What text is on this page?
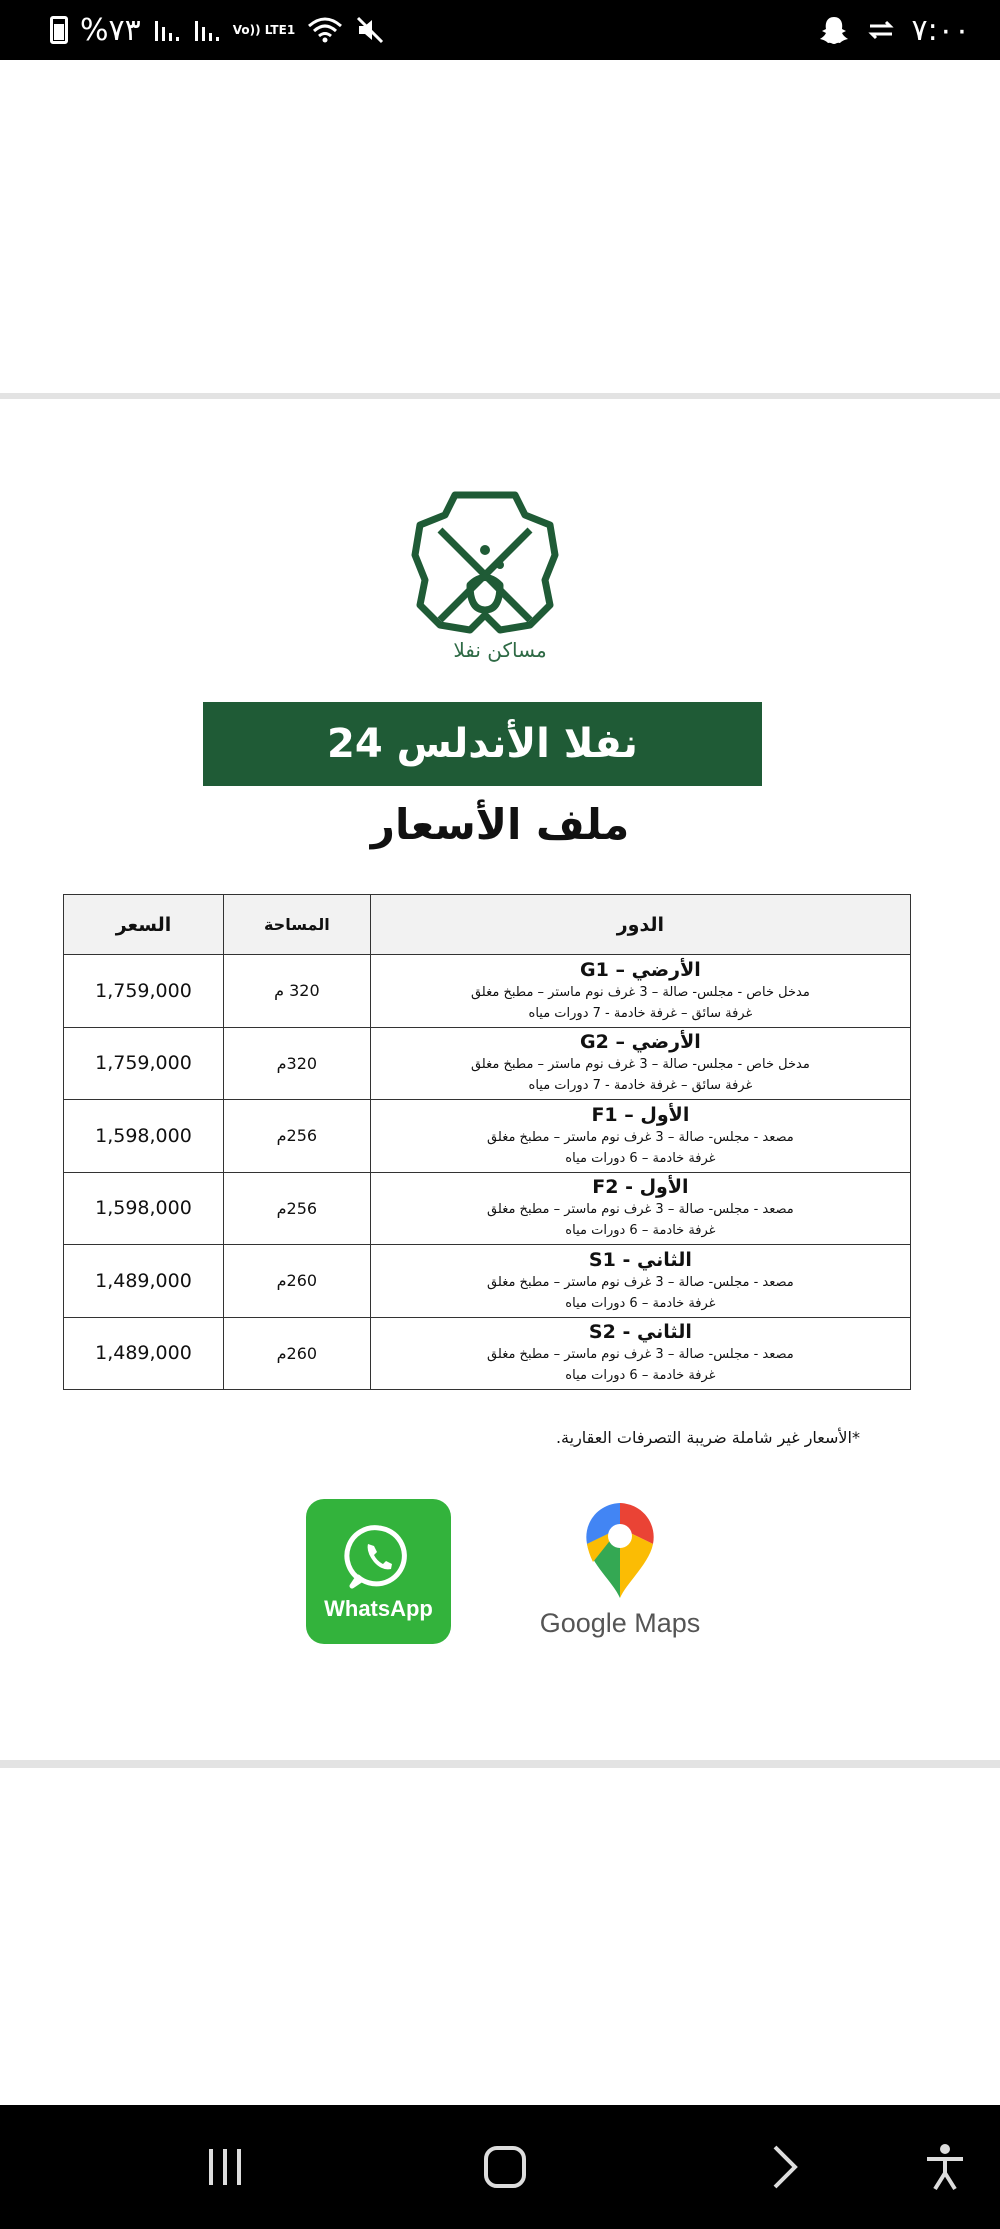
%٧٣	Vo)) LTE1	٧:٠٠
مساكن نفلا
نفلا الأندلس 24
ملف الأسعار
الدور	المساحة	السعر

الأرضي – G1
مدخل خاص - مجلس- صالة – 3 غرف نوم ماستر – مطبخ مغلق
غرفة سائق – غرفة خادمة - 7 دورات مياه	320 م	1,759,000

الأرضي – G2
مدخل خاص - مجلس- صالة – 3 غرف نوم ماستر – مطبخ مغلق
غرفة سائق – غرفة خادمة - 7 دورات مياه	320م	1,759,000

الأول – F1
مصعد - مجلس- صالة – 3 غرف نوم ماستر – مطبخ مغلق
غرفة خادمة – 6 دورات مياه	256م	1,598,000

الأول - F2
مصعد - مجلس- صالة – 3 غرف نوم ماستر – مطبخ مغلق
غرفة خادمة – 6 دورات مياه	256م	1,598,000

الثاني - S1
مصعد - مجلس- صالة – 3 غرف نوم ماستر – مطبخ مغلق
غرفة خادمة – 6 دورات مياه	260م	1,489,000

الثاني - S2
مصعد - مجلس- صالة – 3 غرف نوم ماستر – مطبخ مغلق
غرفة خادمة – 6 دورات مياه	260م	1,489,000
*الأسعار غير شاملة ضريبة التصرفات العقارية.
WhatsApp	Google Maps
